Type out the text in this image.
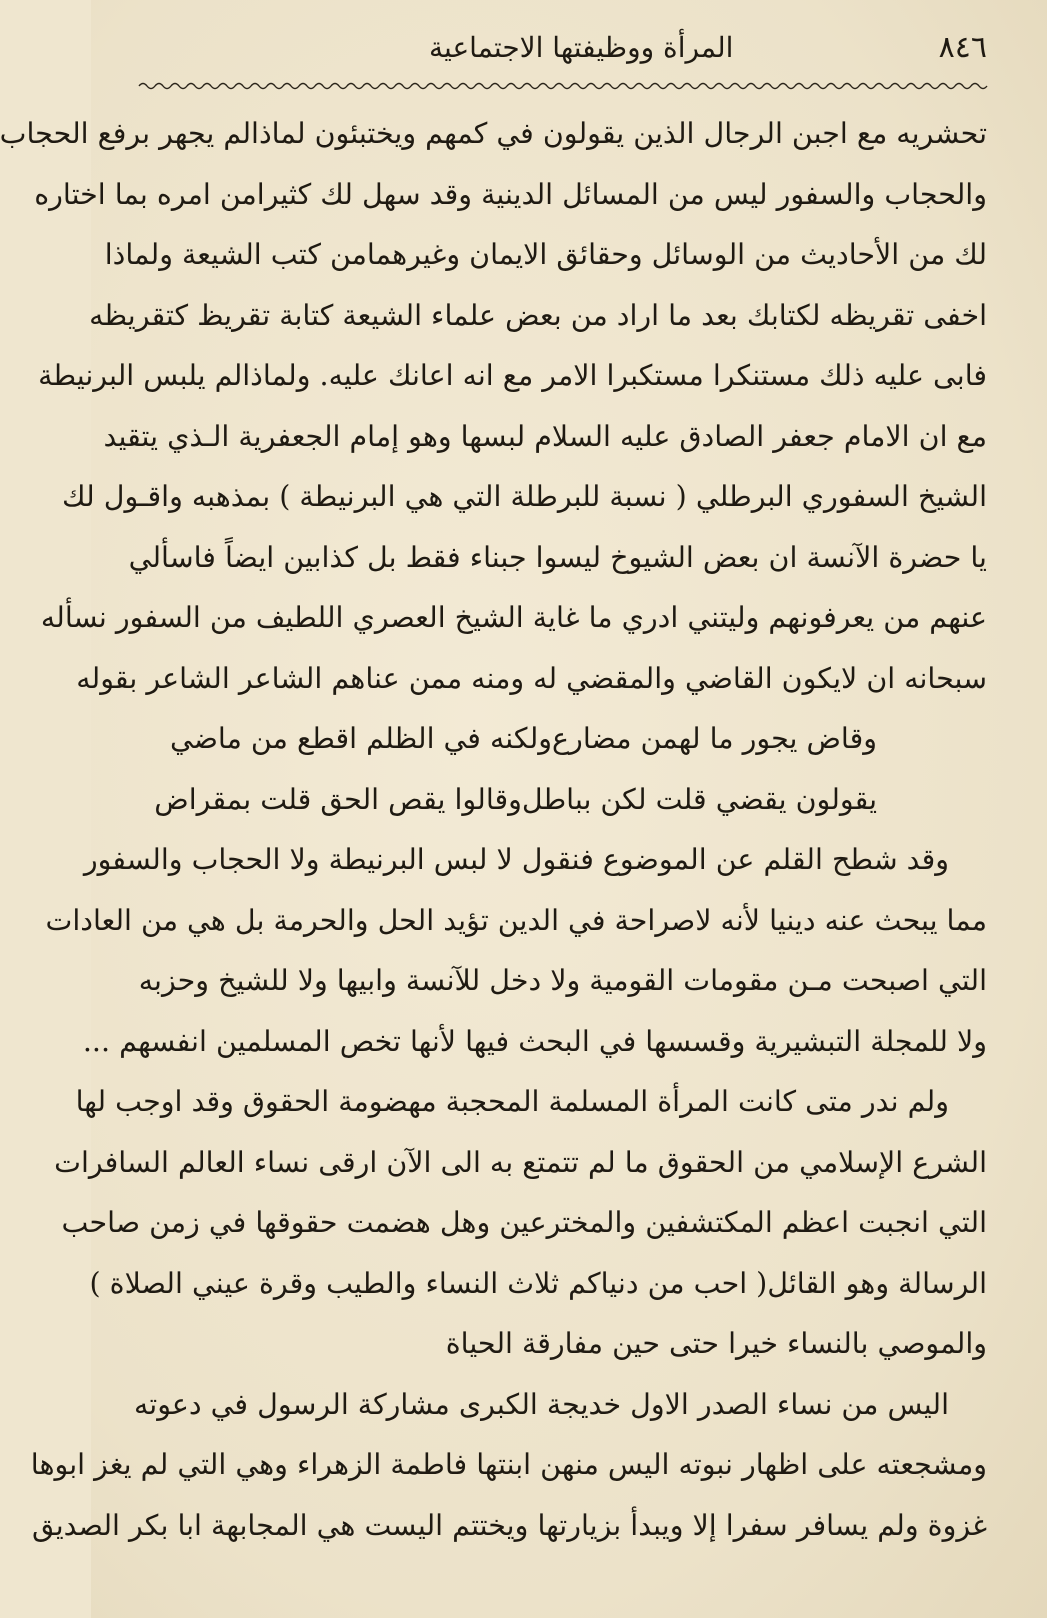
٨٤٦
المرأة ووظيفتها الاجتماعية
تحشريه مع اجبن الرجال الذين يقولون في كمهم ويختبئون لماذالم يجهر برفع الحجاب
والحجاب والسفور ليس من المسائل الدينية وقد سهل لك كثيرامن امره بما اختاره
لك من الأحاديث من الوسائل وحقائق الايمان وغيرهمامن كتب الشيعة ولماذا
اخفى تقريظه لكتابك بعد ما اراد من بعض علماء الشيعة كتابة تقريظ كتقريظه
فابى عليه ذلك مستنكرا مستكبرا الامر مع انه اعانك عليه. ولماذالم يلبس البرنيطة
مع ان الامام جعفر الصادق عليه السلام لبسها وهو إمام الجعفرية الـذي يتقيد
الشيخ السفوري البرطلي ( نسبة للبرطلة التي هي البرنيطة ) بمذهبه واقـول لك
يا حضرة الآنسة ان بعض الشيوخ ليسوا جبناء فقط بل كذابين ايضاً فاسألي
عنهم من يعرفونهم وليتني ادري ما غاية الشيخ العصري اللطيف من السفور نسأله
سبحانه ان لايكون القاضي والمقضي له ومنه ممن عناهم الشاعر الشاعر بقوله
وقاض يجور ما لهمن مضارع
ولكنه في الظلم اقطع من ماضي
يقولون يقضي قلت لكن بباطل
وقالوا يقص الحق قلت بمقراض
وقد شطح القلم عن الموضوع فنقول لا لبس البرنيطة ولا الحجاب والسفور
مما يبحث عنه دينيا لأنه لاصراحة في الدين تؤيد الحل والحرمة بل هي من العادات
التي اصبحت مـن مقومات القومية ولا دخل للآنسة وابيها ولا للشيخ وحزبه
ولا للمجلة التبشيرية وقسسها في البحث فيها لأنها تخص المسلمين انفسهم ...
ولم ندر متى كانت المرأة المسلمة المحجبة مهضومة الحقوق وقد اوجب لها
الشرع الإسلامي من الحقوق ما لم تتمتع به الى الآن ارقى نساء العالم السافرات
التي انجبت اعظم المكتشفين والمخترعين وهل هضمت حقوقها في زمن صاحب
الرسالة وهو القائل( احب من دنياكم ثلاث النساء والطيب وقرة عيني الصلاة )
والموصي بالنساء خيرا حتى حين مفارقة الحياة
اليس من نساء الصدر الاول خديجة الكبرى مشاركة الرسول في دعوته
ومشجعته على اظهار نبوته اليس منهن ابنتها فاطمة الزهراء وهي التي لم يغز ابوها
غزوة ولم يسافر سفرا إلا ويبدأ بزيارتها ويختتم اليست هي المجابهة ابا بكر الصديق
